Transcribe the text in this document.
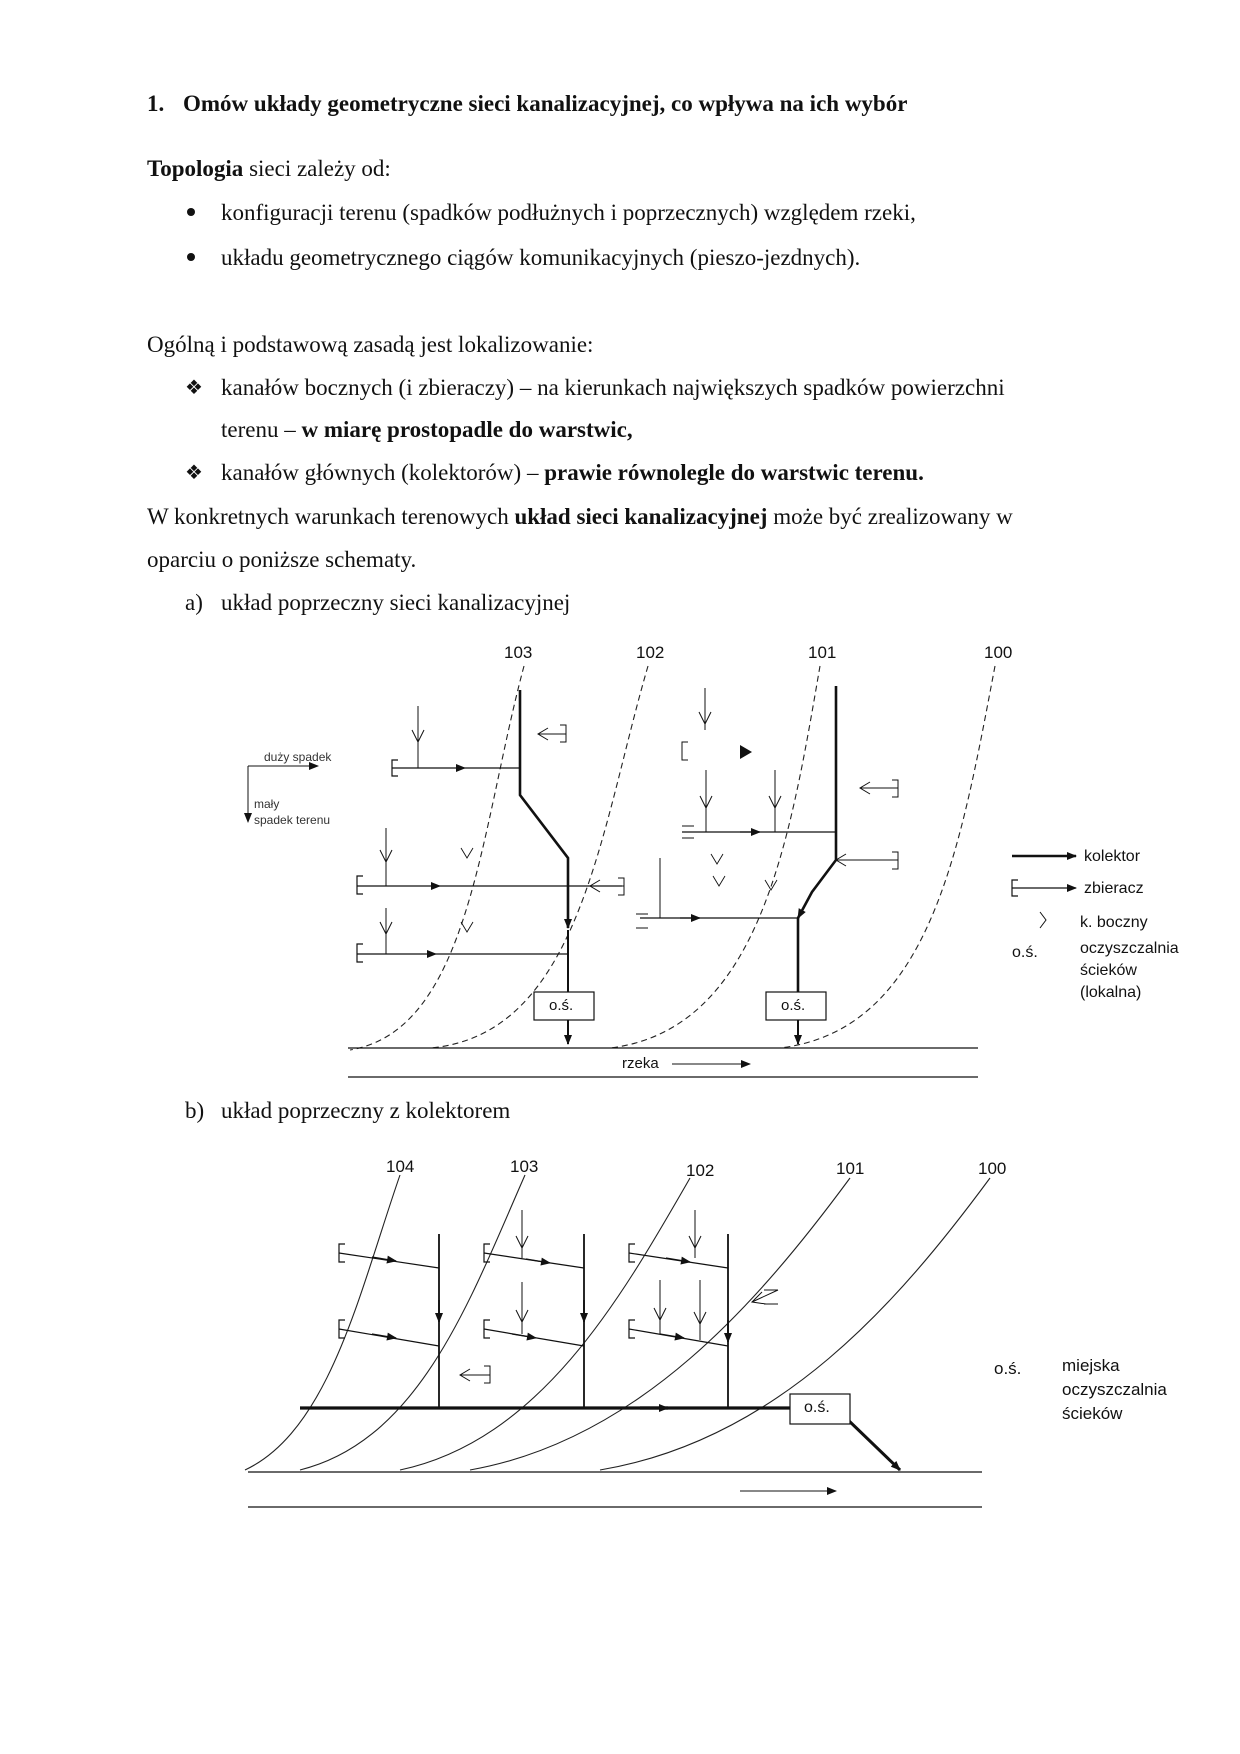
1. Omów układy geometryczne sieci kanalizacyjnej, co wpływa na ich wybór
Topologia sieci zależy od:
konfiguracji terenu (spadków podłużnych i poprzecznych) względem rzeki,
układu geometrycznego ciągów komunikacyjnych (pieszo-jezdnych).
Ogólną i podstawową zasadą jest lokalizowanie:
❖ kanałów bocznych (i zbieraczy) – na kierunkach największych spadków powierzchni
terenu – w miarę prostopadle do warstwic,
❖ kanałów głównych (kolektorów) – prawie równolegle do warstwic terenu.
W konkretnych warunkach terenowych układ sieci kanalizacyjnej może być zrealizowany w
oparciu o poniższe schematy.
a) układ poprzeczny sieci kanalizacyjnej
103	102	101	100
duży spadek
mały
spadek terenu
o.ś.	o.ś.
rzeka
kolektor
zbieracz
k. boczny
o.ś.	oczyszczalnia
ścieków
(lokalna)
b) układ poprzeczny z kolektorem
104	103	102	101	100
o.ś.
o.ś. miejska
oczyszczalnia
ścieków
